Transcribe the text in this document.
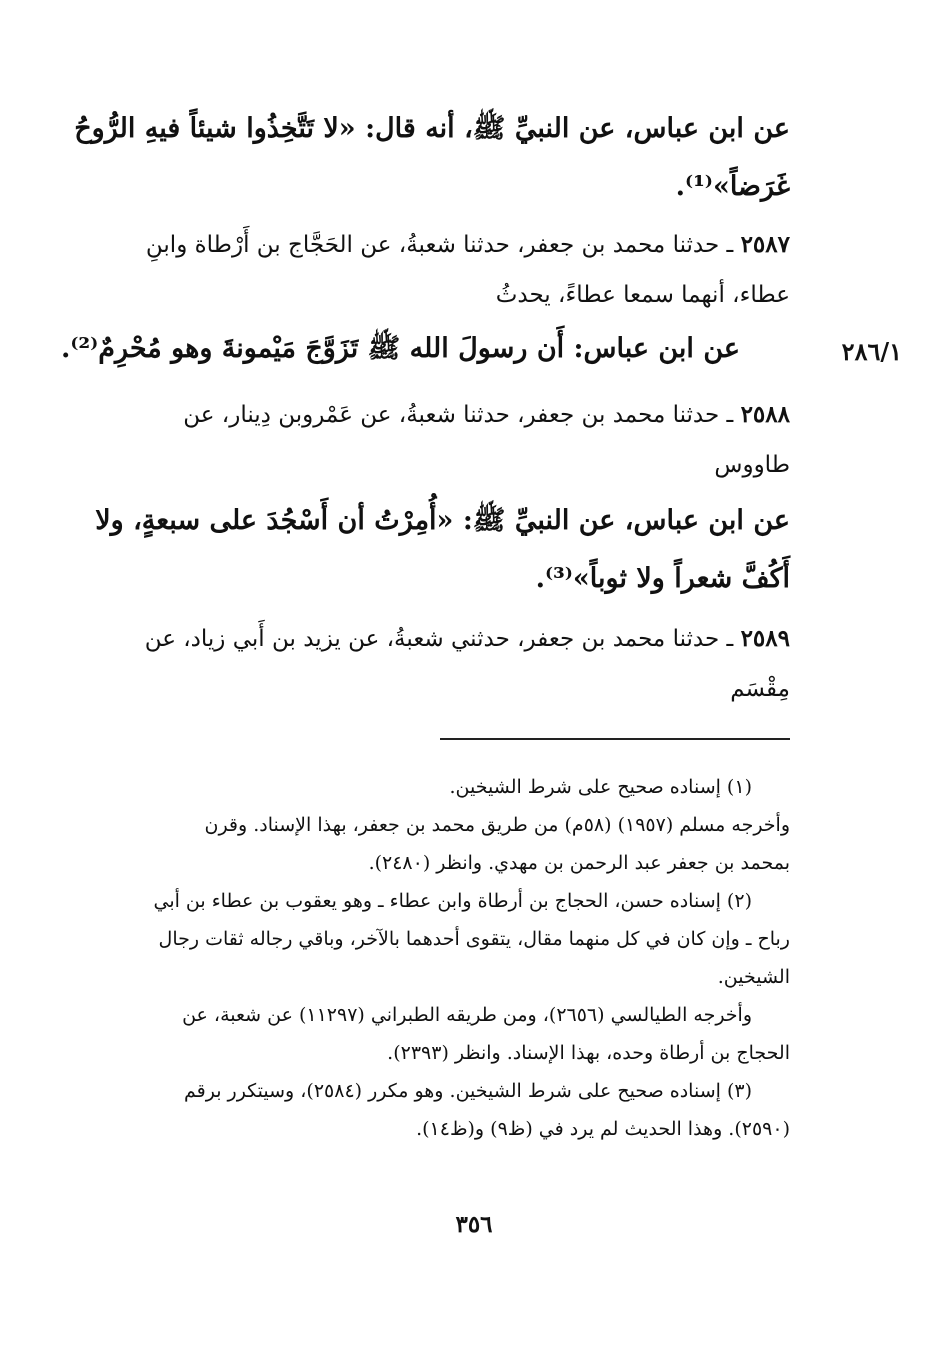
عن ابن عباس، عن النبيِّ ﷺ، أنه قال: «لا تَتَّخِذُوا شيئاً فيهِ الرُّوحُ
غَرَضاً»⁽¹⁾.
٢٥٨٧ ـ حدثنا محمد بن جعفر، حدثنا شعبةُ، عن الحَجَّاج بن أَرْطاة وابنِ
عطاء، أنهما سمعا عطاءً، يحدثُ
عن ابن عباس: أَن رسولَ الله ﷺ تَزَوَّجَ مَيْمونةَ وهو مُحْرِمٌ⁽²⁾.	٢٨٦/١
٢٥٨٨ ـ حدثنا محمد بن جعفر، حدثنا شعبةُ، عن عَمْروبن دِينار، عن
طاووس
عن ابن عباس، عن النبيِّ ﷺ: «أُمِرْتُ أن أَسْجُدَ على سبعةٍ، ولا
أَكُفَّ شعراً ولا ثوباً»⁽³⁾.
٢٥٨٩ ـ حدثنا محمد بن جعفر، حدثني شعبةُ، عن يزيد بن أَبي زياد، عن
مِقْسَم
(١) إسناده صحيح على شرط الشيخين.
وأخرجه مسلم (١٩٥٧) (٥٨م) من طريق محمد بن جعفر، بهذا الإسناد. وقرن
بمحمد بن جعفر عبد الرحمن بن مهدي. وانظر (٢٤٨٠).
(٢) إسناده حسن، الحجاج بن أرطاة وابن عطاء ـ وهو يعقوب بن عطاء بن أبي
رباح ـ وإن كان في كل منهما مقال، يتقوى أحدهما بالآخر، وباقي رجاله ثقات رجال
الشيخين.
وأخرجه الطيالسي (٢٦٥٦)، ومن طريقه الطبراني (١١٢٩٧) عن شعبة، عن
الحجاج بن أرطاة وحده، بهذا الإسناد. وانظر (٢٣٩٣).
(٣) إسناده صحيح على شرط الشيخين. وهو مكرر (٢٥٨٤)، وسيتكرر برقم
(٢٥٩٠). وهذا الحديث لم يرد في (ظ٩) و(ظ١٤).
٣٥٦
